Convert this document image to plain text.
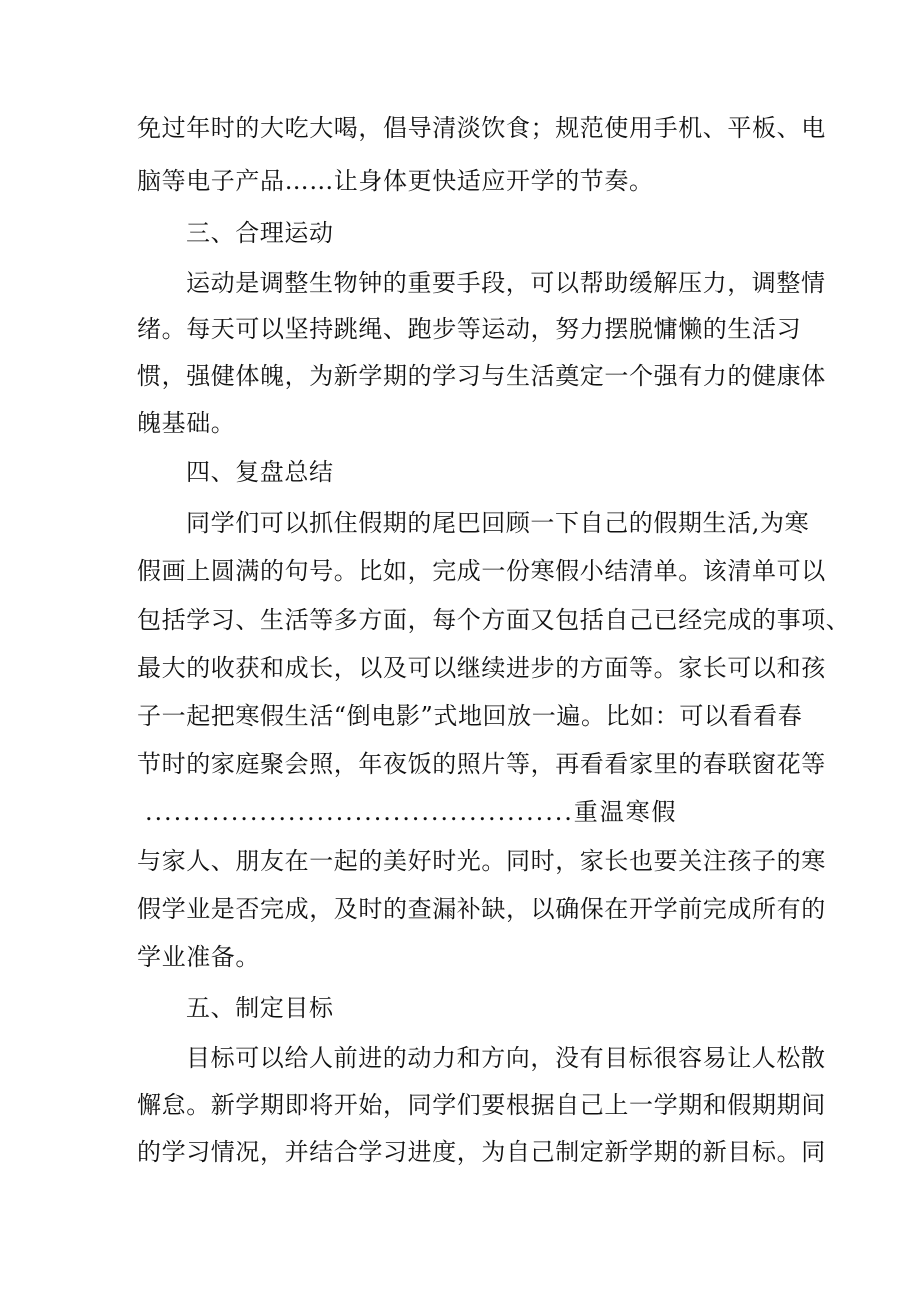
免过年时的大吃大喝，倡导清淡饮食；规范使用手机、平板、电
脑等电子产品……让身体更快适应开学的节奏。
三、合理运动
运动是调整生物钟的重要手段，可以帮助缓解压力，调整情
绪。每天可以坚持跳绳、跑步等运动，努力摆脱慵懒的生活习
惯，强健体魄，为新学期的学习与生活奠定一个强有力的健康体
魄基础。
四、复盘总结
同学们可以抓住假期的尾巴回顾一下自己的假期生活,为寒
假画上圆满的句号。比如，完成一份寒假小结清单。该清单可以
包括学习、生活等多方面，每个方面又包括自己已经完成的事项、
最大的收获和成长，以及可以继续进步的方面等。家长可以和孩
子一起把寒假生活“倒电影”式地回放一遍。比如：可以看看春
节时的家庭聚会照，年夜饭的照片等，再看看家里的春联窗花等
.............................................重温寒假
与家人、朋友在一起的美好时光。同时，家长也要关注孩子的寒
假学业是否完成，及时的查漏补缺，以确保在开学前完成所有的
学业准备。
五、制定目标
目标可以给人前进的动力和方向，没有目标很容易让人松散
懈怠。新学期即将开始，同学们要根据自己上一学期和假期期间
的学习情况，并结合学习进度，为自己制定新学期的新目标。同
